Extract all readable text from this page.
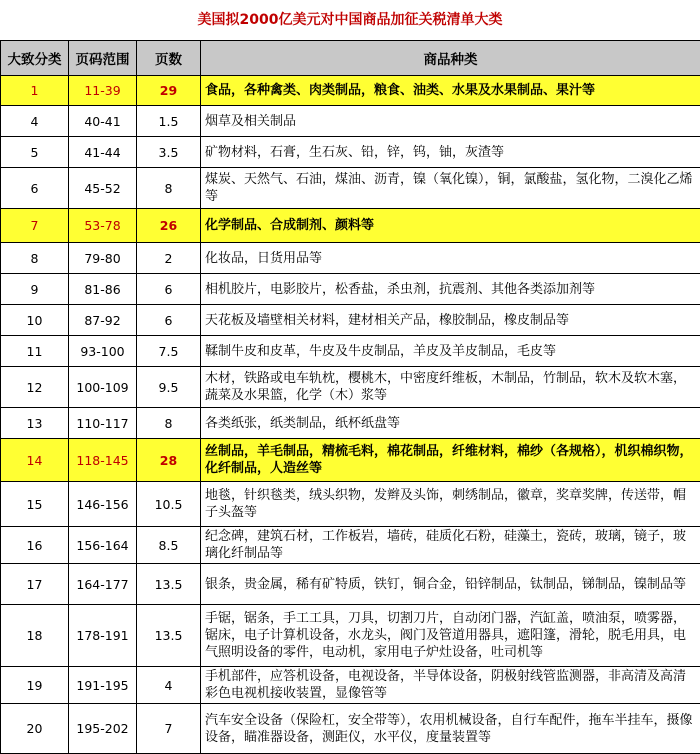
美国拟2000亿美元对中国商品加征关税清单大类
大致分类	页码范围	页数	商品种类
1	11-39	29	食品，各种禽类、肉类制品，粮食、油类、水果及水果制品、果汁等
4	40-41	1.5	烟草及相关制品
5	41-44	3.5	矿物材料，石膏，生石灰、铅，锌，钨，铀，灰渣等
6	45-52	8	煤炭、天然气、石油，煤油、沥青，镍（氧化镍），铜，氯酸盐，氢化物，二溴化乙烯等
7	53-78	26	化学制品、合成制剂、颜料等
8	79-80	2	化妆品，日货用品等
9	81-86	6	相机胶片，电影胶片，松香盐，杀虫剂，抗震剂、其他各类添加剂等
10	87-92	6	天花板及墙壁相关材料，建材相关产品，橡胶制品，橡皮制品等
11	93-100	7.5	鞣制牛皮和皮革，牛皮及牛皮制品，羊皮及羊皮制品，毛皮等
12	100-109	9.5	木材，铁路或电车轨枕，樱桃木，中密度纤维板，木制品，竹制品，软木及软木塞，蔬菜及水果篮，化学（木）浆等
13	110-117	8	各类纸张，纸类制品，纸杯纸盘等
14	118-145	28	丝制品，羊毛制品，精梳毛料，棉花制品，纤维材料，棉纱（各规格），机织棉织物，化纤制品，人造丝等
15	146-156	10.5	地毯，针织毯类，绒头织物，发辫及头饰，刺绣制品，徽章，奖章奖牌，传送带，帽子头盔等
16	156-164	8.5	纪念碑，建筑石材，工作板岩，墙砖，硅质化石粉，硅藻土，瓷砖，玻璃，镜子，玻璃化纤制品等
17	164-177	13.5	银条，贵金属，稀有矿特质，铁钉，铜合金，铅锌制品，钛制品，锑制品，镍制品等
18	178-191	13.5	手锯，锯条，手工工具，刀具，切割刀片，自动闭门器，汽缸盖，喷油泵，喷雾器，锯床，电子计算机设备，水龙头，阀门及管道用器具，遮阳篷，滑轮，脱毛用具，电气照明设备的零件，电动机，家用电子炉灶设备，吐司机等
19	191-195	4	手机部件，应答机设备，电视设备，半导体设备，阴极射线管监测器，非高清及高清彩色电视机接收装置，显像管等
20	195-202	7	汽车安全设备（保险杠，安全带等），农用机械设备，自行车配件，拖车半挂车，摄像设备，瞄准器设备，测距仪，水平仪，度量装置等
